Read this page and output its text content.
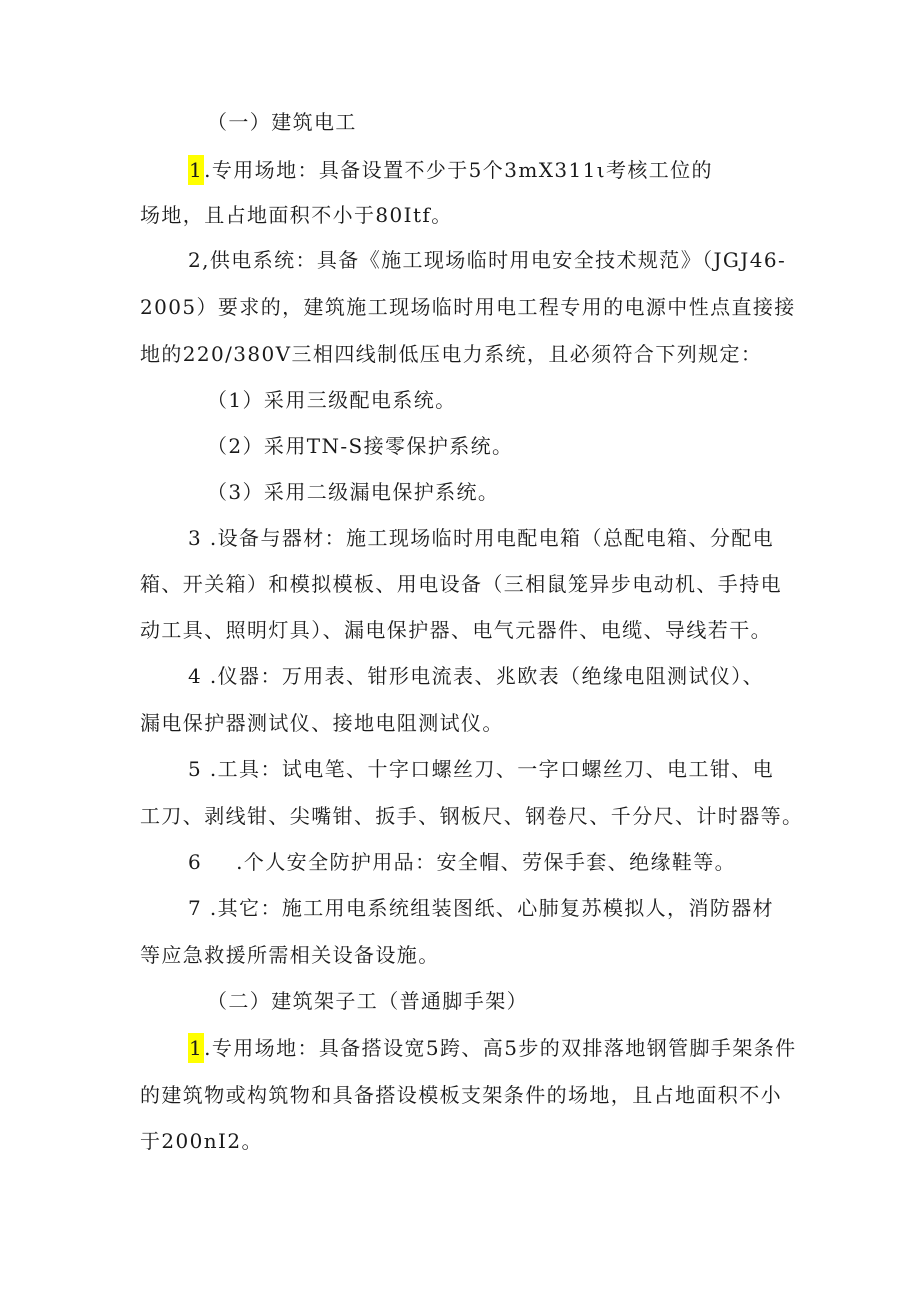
（一）建筑电工
1.专用场地：具备设置不少于5个3mX311ι考核工位的
场地，且占地面积不小于80Itf。
2,供电系统：具备《施工现场临时用电安全技术规范》（JGJ46-
2005）要求的，建筑施工现场临时用电工程专用的电源中性点直接接
地的220/380V三相四线制低压电力系统，且必须符合下列规定：
（1）采用三级配电系统。
（2）采用TN-S接零保护系统。
（3）采用二级漏电保护系统。
3 .设备与器材：施工现场临时用电配电箱（总配电箱、分配电
箱、开关箱）和模拟模板、用电设备（三相鼠笼异步电动机、手持电
动工具、照明灯具）、漏电保护器、电气元器件、电缆、导线若干。
4 .仪器：万用表、钳形电流表、兆欧表（绝缘电阻测试仪）、
漏电保护器测试仪、接地电阻测试仪。
5 .工具：试电笔、十字口螺丝刀、一字口螺丝刀、电工钳、电
工刀、剥线钳、尖嘴钳、扳手、钢板尺、钢卷尺、千分尺、计时器等。
6 .个人安全防护用品：安全帽、劳保手套、绝缘鞋等。
7 .其它：施工用电系统组装图纸、心肺复苏模拟人，消防器材
等应急救援所需相关设备设施。
（二）建筑架子工（普通脚手架）
1.专用场地：具备搭设宽5跨、高5步的双排落地钢管脚手架条件
的建筑物或构筑物和具备搭设模板支架条件的场地，且占地面积不小
于200nI2。
